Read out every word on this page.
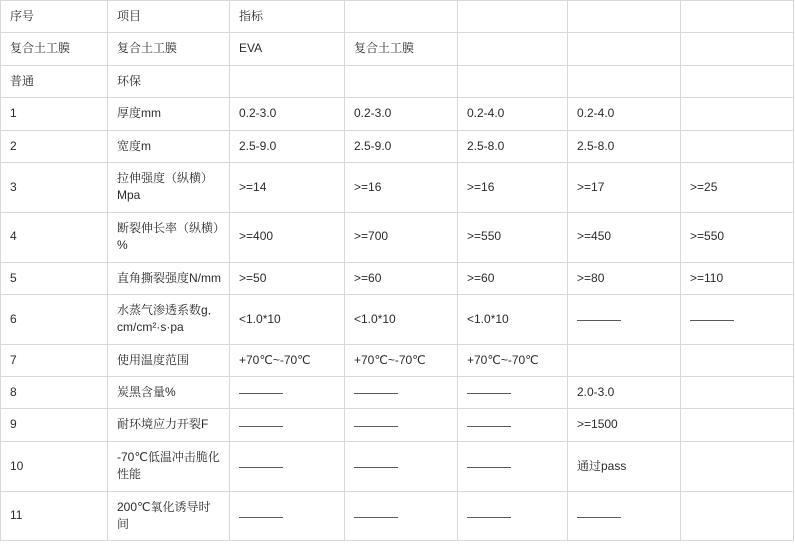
序号	项目	指标				

复合土工膜	复合土工膜	EVA	复合土工膜			

普通	环保					

1	厚度mm	0.2-3.0	0.2-3.0	0.2-4.0	0.2-4.0	

2	宽度m	2.5-9.0	2.5-9.0	2.5-8.0	2.5-8.0	

3	拉伸强度（纵横）Mpa	>=14	>=16	>=16	>=17	>=25

4	断裂伸长率（纵横）%	>=400	>=700	>=550	>=450	>=550

5	直角撕裂强度N/mm	>=50	>=60	>=60	>=80	>=110

6	水蒸气渗透系数g．cm/cm²·s·pa	<1.0*10	<1.0*10	<1.0*10		

7	使用温度范围	+70℃~-70℃	+70℃~-70℃	+70℃~-70℃		

8	炭黑含量%				2.0-3.0	

9	耐环境应力开裂F				>=1500	

10	-70℃低温冲击脆化性能				通过pass	

11	200℃氧化诱导时间					
